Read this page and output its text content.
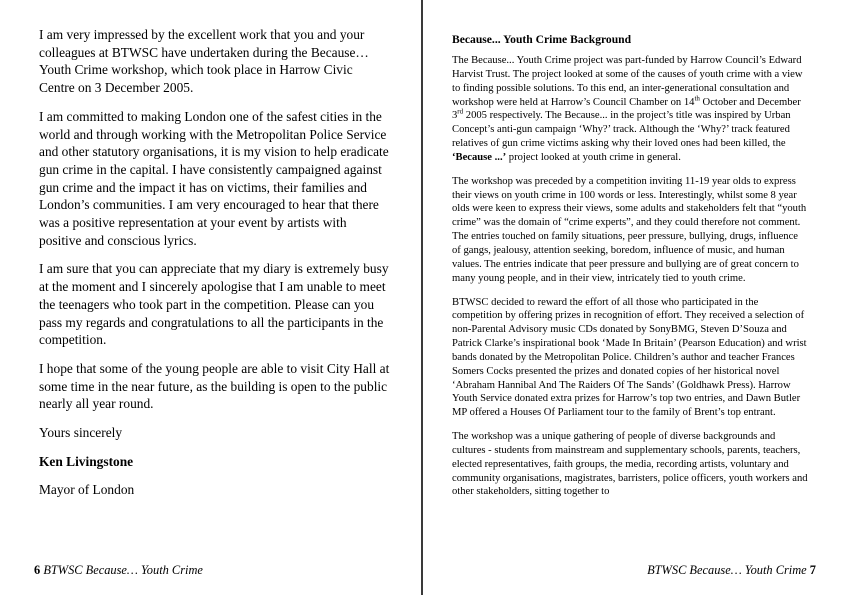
I am very impressed by the excellent work that you and your colleagues at BTWSC have undertaken during the Because… Youth Crime workshop, which took place in Harrow Civic Centre on 3 December 2005.

I am committed to making London one of the safest cities in the world and through working with the Metropolitan Police Service and other statutory organisations, it is my vision to help eradicate gun crime in the capital. I have consistently campaigned against gun crime and the impact it has on victims, their families and London’s communities. I am very encouraged to hear that there was a positive representation at your event by artists with positive and conscious lyrics.

I am sure that you can appreciate that my diary is extremely busy at the moment and I sincerely apologise that I am unable to meet the teenagers who took part in the competition. Please can you pass my regards and congratulations to all the participants in the competition.

I hope that some of the young people are able to visit City Hall at some time in the near future, as the building is open to the public nearly all year round.

Yours sincerely

Ken Livingstone

Mayor of London

6 BTWSC Because… Youth Crime
Because... Youth Crime Background

The Because... Youth Crime project was part-funded by Harrow Council’s Edward Harvist Trust. The project looked at some of the causes of youth crime with a view to finding possible solutions. To this end, an inter-generational consultation and workshop were held at Harrow’s Council Chamber on 14th October and December 3rd 2005 respectively. The Because... in the project’s title was inspired by Urban Concept’s anti-gun campaign ‘Why?’ track. Although the ‘Why?’ track featured relatives of gun crime victims asking why their loved ones had been killed, the ‘Because ...’ project looked at youth crime in general.

The workshop was preceded by a competition inviting 11-19 year olds to express their views on youth crime in 100 words or less. Interestingly, whilst some 8 year olds were keen to express their views, some adults and stakeholders felt that “youth crime” was the domain of “crime experts”, and they could therefore not comment. The entries touched on family situations, peer pressure, bullying, drugs, influence of gangs, jealousy, attention seeking, boredom, influence of music, and human values. The entries indicate that peer pressure and bullying are of great concern to many young people, and in their view, intricately tied to youth crime.

BTWSC decided to reward the effort of all those who participated in the competition by offering prizes in recognition of effort. They received a selection of non-Parental Advisory music CDs donated by SonyBMG, Steven D’Souza and Patrick Clarke’s inspirational book ‘Made In Britain’ (Pearson Education) and wrist bands donated by the Metropolitan Police. Children’s author and teacher Frances Somers Cocks presented the prizes and donated copies of her historical novel ‘Abraham Hannibal And The Raiders Of The Sands’ (Goldhawk Press). Harrow Youth Service donated extra prizes for Harrow’s top two entries, and Dawn Butler MP offered a Houses Of Parliament tour to the family of Brent’s top entrant.

The workshop was a unique gathering of people of diverse backgrounds and cultures - students from mainstream and supplementary schools, parents, teachers, elected representatives, faith groups, the media, recording artists, voluntary and community organisations, magistrates, barristers, police officers, youth workers and other stakeholders, sitting together to

BTWSC Because… Youth Crime 7
